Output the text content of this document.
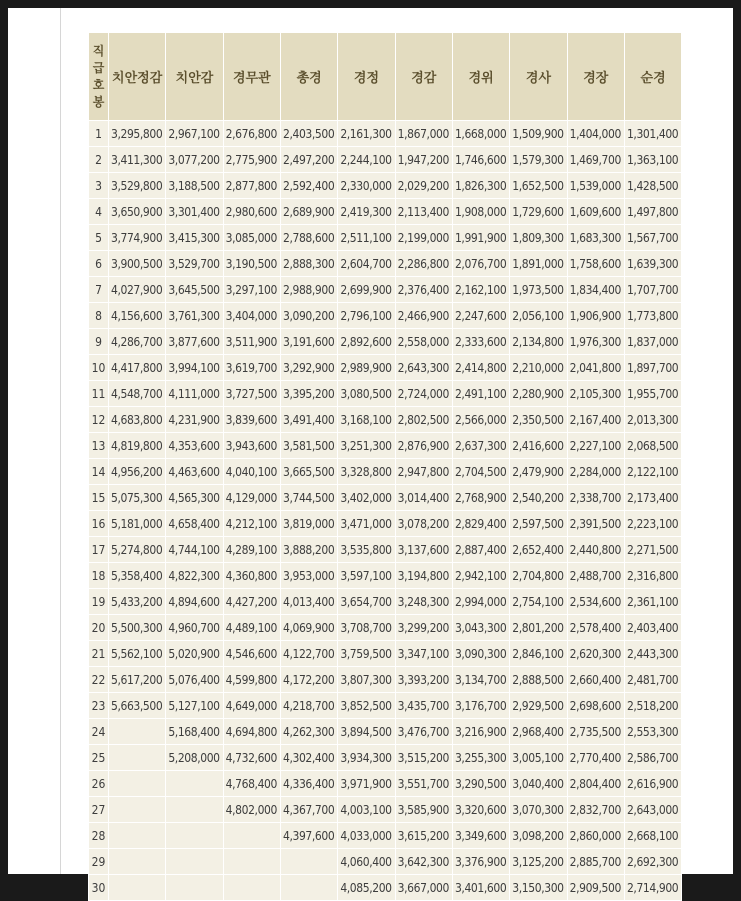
직
급
호
봉	치안정감	치안감	경무관	총경	경정	경감	경위	경사	경장	순경
1	3,295,800	2,967,100	2,676,800	2,403,500	2,161,300	1,867,000	1,668,000	1,509,900	1,404,000	1,301,400
2	3,411,300	3,077,200	2,775,900	2,497,200	2,244,100	1,947,200	1,746,600	1,579,300	1,469,700	1,363,100
3	3,529,800	3,188,500	2,877,800	2,592,400	2,330,000	2,029,200	1,826,300	1,652,500	1,539,000	1,428,500
4	3,650,900	3,301,400	2,980,600	2,689,900	2,419,300	2,113,400	1,908,000	1,729,600	1,609,600	1,497,800
5	3,774,900	3,415,300	3,085,000	2,788,600	2,511,100	2,199,000	1,991,900	1,809,300	1,683,300	1,567,700
6	3,900,500	3,529,700	3,190,500	2,888,300	2,604,700	2,286,800	2,076,700	1,891,000	1,758,600	1,639,300
7	4,027,900	3,645,500	3,297,100	2,988,900	2,699,900	2,376,400	2,162,100	1,973,500	1,834,400	1,707,700
8	4,156,600	3,761,300	3,404,000	3,090,200	2,796,100	2,466,900	2,247,600	2,056,100	1,906,900	1,773,800
9	4,286,700	3,877,600	3,511,900	3,191,600	2,892,600	2,558,000	2,333,600	2,134,800	1,976,300	1,837,000
10	4,417,800	3,994,100	3,619,700	3,292,900	2,989,900	2,643,300	2,414,800	2,210,000	2,041,800	1,897,700
11	4,548,700	4,111,000	3,727,500	3,395,200	3,080,500	2,724,000	2,491,100	2,280,900	2,105,300	1,955,700
12	4,683,800	4,231,900	3,839,600	3,491,400	3,168,100	2,802,500	2,566,000	2,350,500	2,167,400	2,013,300
13	4,819,800	4,353,600	3,943,600	3,581,500	3,251,300	2,876,900	2,637,300	2,416,600	2,227,100	2,068,500
14	4,956,200	4,463,600	4,040,100	3,665,500	3,328,800	2,947,800	2,704,500	2,479,900	2,284,000	2,122,100
15	5,075,300	4,565,300	4,129,000	3,744,500	3,402,000	3,014,400	2,768,900	2,540,200	2,338,700	2,173,400
16	5,181,000	4,658,400	4,212,100	3,819,000	3,471,000	3,078,200	2,829,400	2,597,500	2,391,500	2,223,100
17	5,274,800	4,744,100	4,289,100	3,888,200	3,535,800	3,137,600	2,887,400	2,652,400	2,440,800	2,271,500
18	5,358,400	4,822,300	4,360,800	3,953,000	3,597,100	3,194,800	2,942,100	2,704,800	2,488,700	2,316,800
19	5,433,200	4,894,600	4,427,200	4,013,400	3,654,700	3,248,300	2,994,000	2,754,100	2,534,600	2,361,100
20	5,500,300	4,960,700	4,489,100	4,069,900	3,708,700	3,299,200	3,043,300	2,801,200	2,578,400	2,403,400
21	5,562,100	5,020,900	4,546,600	4,122,700	3,759,500	3,347,100	3,090,300	2,846,100	2,620,300	2,443,300
22	5,617,200	5,076,400	4,599,800	4,172,200	3,807,300	3,393,200	3,134,700	2,888,500	2,660,400	2,481,700
23	5,663,500	5,127,100	4,649,000	4,218,700	3,852,500	3,435,700	3,176,700	2,929,500	2,698,600	2,518,200
24		5,168,400	4,694,800	4,262,300	3,894,500	3,476,700	3,216,900	2,968,400	2,735,500	2,553,300
25		5,208,000	4,732,600	4,302,400	3,934,300	3,515,200	3,255,300	3,005,100	2,770,400	2,586,700
26			4,768,400	4,336,400	3,971,900	3,551,700	3,290,500	3,040,400	2,804,400	2,616,900
27			4,802,000	4,367,700	4,003,100	3,585,900	3,320,600	3,070,300	2,832,700	2,643,000
28				4,397,600	4,033,000	3,615,200	3,349,600	3,098,200	2,860,000	2,668,100
29					4,060,400	3,642,300	3,376,900	3,125,200	2,885,700	2,692,300
30					4,085,200	3,667,000	3,401,600	3,150,300	2,909,500	2,714,900
